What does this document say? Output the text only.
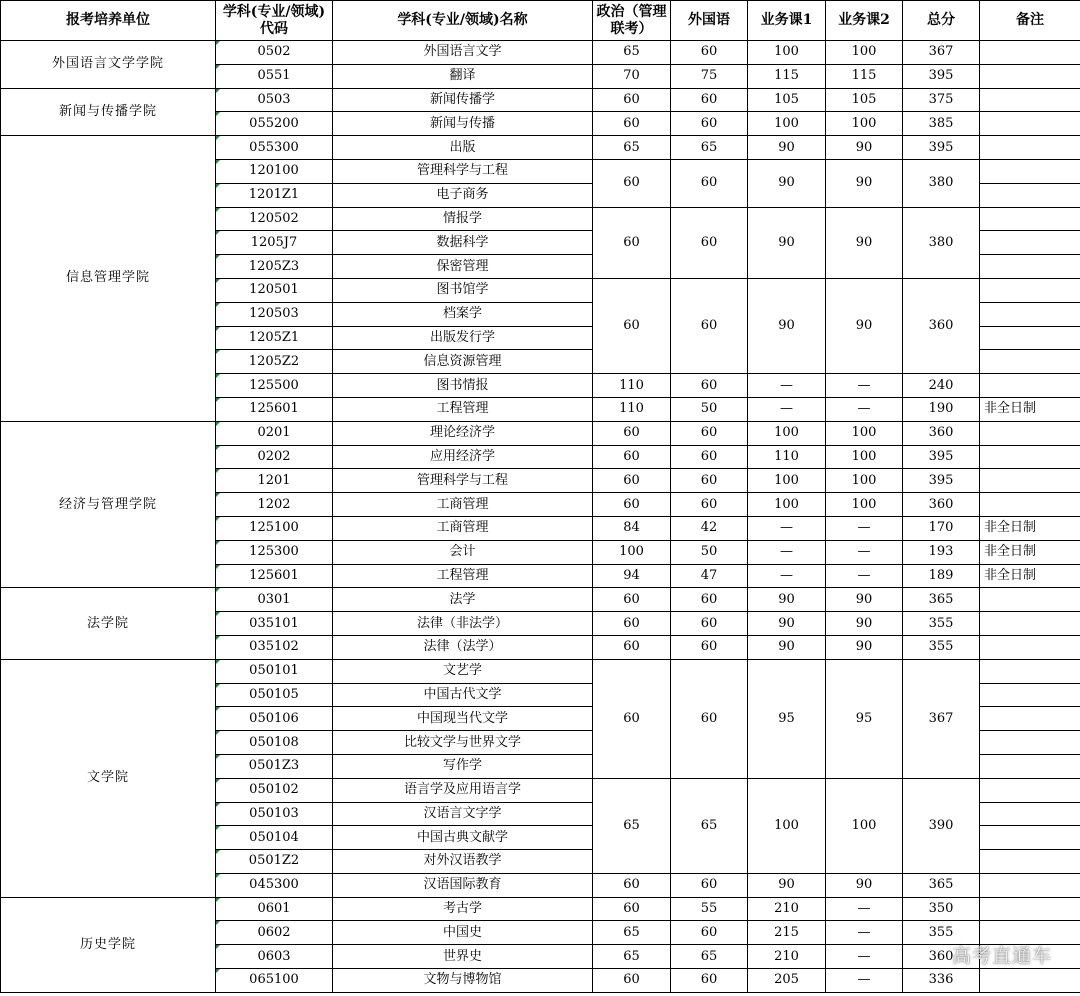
报考培养单位	学科(专业/领域)代码	学科(专业/领域)名称	政治（管理联考）	外国语	业务课1	业务课2	总分	备注
外国语言文学学院	0502	外国语言文学	65	60	100	100	367	
	0551	翻译	70	75	115	115	395	
新闻与传播学院	0503	新闻传播学	60	60	105	105	375	
	055200	新闻与传播	60	60	100	100	385	
信息管理学院	055300	出版	65	65	90	90	395	
	120100	管理科学与工程	60	60	90	90	380	
	1201Z1	电子商务						
	120502	情报学	60	60	90	90	380	
	1205J7	数据科学						
	1205Z3	保密管理						
	120501	图书馆学	60	60	90	90	360	
	120503	档案学						
	1205Z1	出版发行学						
	1205Z2	信息资源管理						
	125500	图书情报	110	60	—	—	240	
	125601	工程管理	110	50	—	—	190	非全日制
经济与管理学院	0201	理论经济学	60	60	100	100	360	
	0202	应用经济学	60	60	110	100	395	
	1201	管理科学与工程	60	60	100	100	395	
	1202	工商管理	60	60	100	100	360	
	125100	工商管理	84	42	—	—	170	非全日制
	125300	会计	100	50	—	—	193	非全日制
	125601	工程管理	94	47	—	—	189	非全日制
法学院	0301	法学	60	60	90	90	365	
	035101	法律（非法学）	60	60	90	90	355	
	035102	法律（法学）	60	60	90	90	355	
文学院	050101	文艺学	60	60	95	95	367	
	050105	中国古代文学						
	050106	中国现当代文学						
	050108	比较文学与世界文学						
	0501Z3	写作学						
	050102	语言学及应用语言学	65	65	100	100	390	
	050103	汉语言文字学						
	050104	中国古典文献学						
	0501Z2	对外汉语教学						
	045300	汉语国际教育	60	60	90	90	365	
历史学院	0601	考古学	60	55	210	—	350	
	0602	中国史	65	60	215	—	355	
	0603	世界史	65	65	210	—	360	
	065100	文物与博物馆	60	60	205	—	336	
高考直通车
